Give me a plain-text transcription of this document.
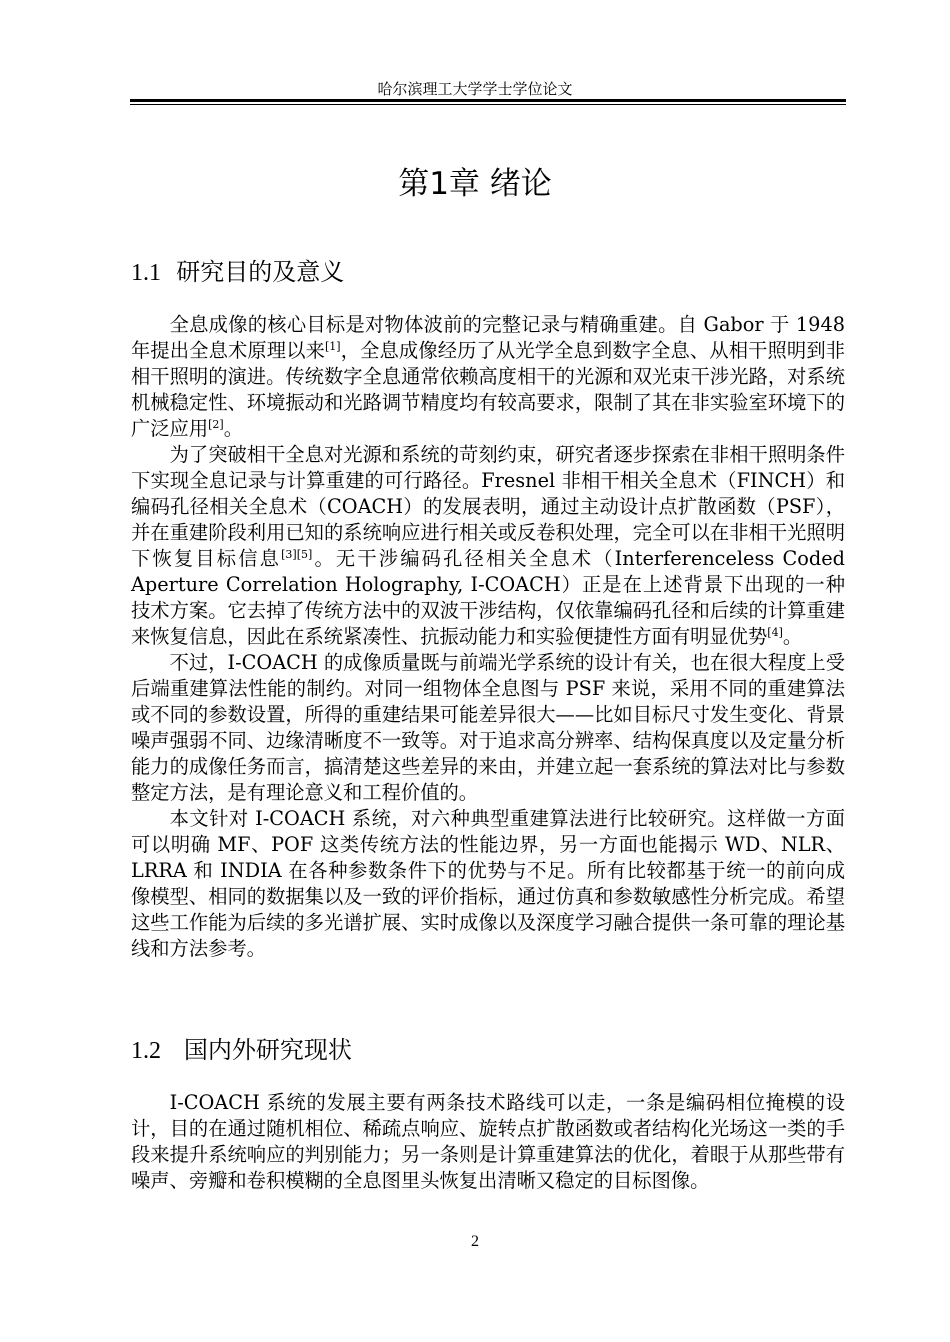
哈尔滨理工大学学士学位论文
第1章 绪论
1.1 研究目的及意义

全息成像的核心目标是对物体波前的完整记录与精确重建。自 Gabor 于 1948 年提出全息术原理以来[1]，全息成像经历了从光学全息到数字全息、从相干照明到非相干照明的演进。传统数字全息通常依赖高度相干的光源和双光束干涉光路，对系统机械稳定性、环境振动和光路调节精度均有较高要求，限制了其在非实验室环境下的广泛应用[2]。

为了突破相干全息对光源和系统的苛刻约束，研究者逐步探索在非相干照明条件下实现全息记录与计算重建的可行路径。Fresnel 非相干相关全息术（FINCH）和编码孔径相关全息术（COACH）的发展表明，通过主动设计点扩散函数（PSF），并在重建阶段利用已知的系统响应进行相关或反卷积处理，完全可以在非相干光照明下恢复目标信息[3][5]。无干涉编码孔径相关全息术（Interferenceless Coded Aperture Correlation Holography, I-COACH）正是在上述背景下出现的一种技术方案。它去掉了传统方法中的双波干涉结构，仅依靠编码孔径和后续的计算重建来恢复信息，因此在系统紧凑性、抗振动能力和实验便捷性方面有明显优势[4]。

不过，I-COACH 的成像质量既与前端光学系统的设计有关，也在很大程度上受后端重建算法性能的制约。对同一组物体全息图与 PSF 来说，采用不同的重建算法或不同的参数设置，所得的重建结果可能差异很大——比如目标尺寸发生变化、背景噪声强弱不同、边缘清晰度不一致等。对于追求高分辨率、结构保真度以及定量分析能力的成像任务而言，搞清楚这些差异的来由，并建立起一套系统的算法对比与参数整定方法，是有理论意义和工程价值的。

本文针对 I-COACH 系统，对六种典型重建算法进行比较研究。这样做一方面可以明确 MF、POF 这类传统方法的性能边界，另一方面也能揭示 WD、NLR、LRRA 和 INDIA 在各种参数条件下的优势与不足。所有比较都基于统一的前向成像模型、相同的数据集以及一致的评价指标，通过仿真和参数敏感性分析完成。希望这些工作能为后续的多光谱扩展、实时成像以及深度学习融合提供一条可靠的理论基线和方法参考。

1.2 国内外研究现状

I-COACH 系统的发展主要有两条技术路线可以走，一条是编码相位掩模的设计，目的在通过随机相位、稀疏点响应、旋转点扩散函数或者结构化光场这一类的手段来提升系统响应的判别能力；另一条则是计算重建算法的优化，着眼于从那些带有噪声、旁瓣和卷积模糊的全息图里头恢复出清晰又稳定的目标图像。

2
